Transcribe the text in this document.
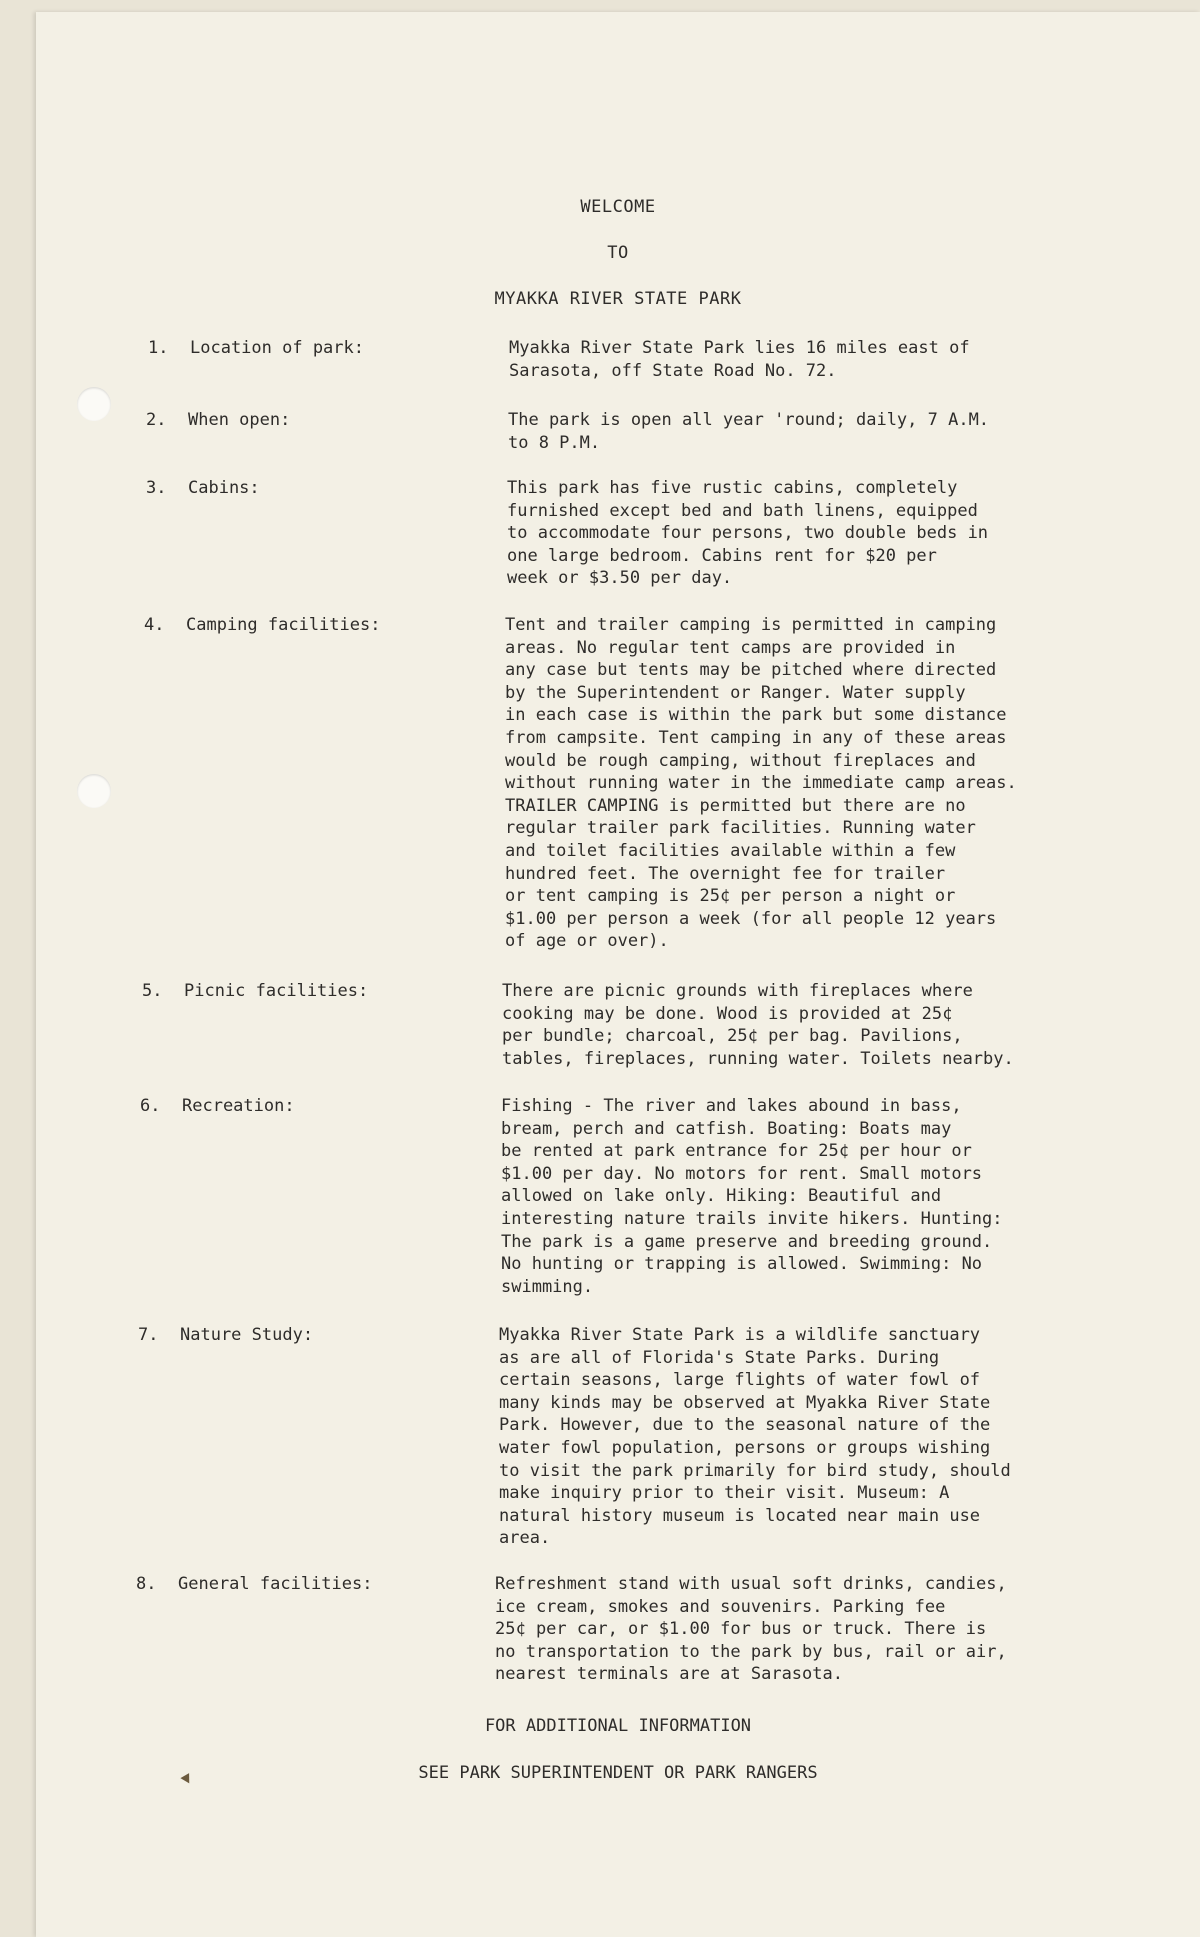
WELCOME
TO
MYAKKA RIVER STATE PARK
1.	Location of park:	Myakka River State Park lies 16 miles east of
Sarasota, off State Road No. 72.
2.	When open:	The park is open all year 'round; daily, 7 A.M.
to 8 P.M.
3.	Cabins:	This park has five rustic cabins, completely
furnished except bed and bath linens, equipped
to accommodate four persons, two double beds in
one large bedroom. Cabins rent for $20 per
week or $3.50 per day.
4.	Camping facilities:	Tent and trailer camping is permitted in camping
areas. No regular tent camps are provided in
any case but tents may be pitched where directed
by the Superintendent or Ranger. Water supply
in each case is within the park but some distance
from campsite. Tent camping in any of these areas
would be rough camping, without fireplaces and
without running water in the immediate camp areas.
TRAILER CAMPING is permitted but there are no
regular trailer park facilities. Running water
and toilet facilities available within a few
hundred feet. The overnight fee for trailer
or tent camping is 25¢ per person a night or
$1.00 per person a week (for all people 12 years
of age or over).
5.	Picnic facilities:	There are picnic grounds with fireplaces where
cooking may be done. Wood is provided at 25¢
per bundle; charcoal, 25¢ per bag. Pavilions,
tables, fireplaces, running water. Toilets nearby.
6.	Recreation:	Fishing - The river and lakes abound in bass,
bream, perch and catfish. Boating: Boats may
be rented at park entrance for 25¢ per hour or
$1.00 per day. No motors for rent. Small motors
allowed on lake only. Hiking: Beautiful and
interesting nature trails invite hikers. Hunting:
The park is a game preserve and breeding ground.
No hunting or trapping is allowed. Swimming: No
swimming.
7.	Nature Study:	Myakka River State Park is a wildlife sanctuary
as are all of Florida's State Parks. During
certain seasons, large flights of water fowl of
many kinds may be observed at Myakka River State
Park. However, due to the seasonal nature of the
water fowl population, persons or groups wishing
to visit the park primarily for bird study, should
make inquiry prior to their visit. Museum: A
natural history museum is located near main use
area.
8.	General facilities:	Refreshment stand with usual soft drinks, candies,
ice cream, smokes and souvenirs. Parking fee
25¢ per car, or $1.00 for bus or truck. There is
no transportation to the park by bus, rail or air,
nearest terminals are at Sarasota.
FOR ADDITIONAL INFORMATION
SEE PARK SUPERINTENDENT OR PARK RANGERS
